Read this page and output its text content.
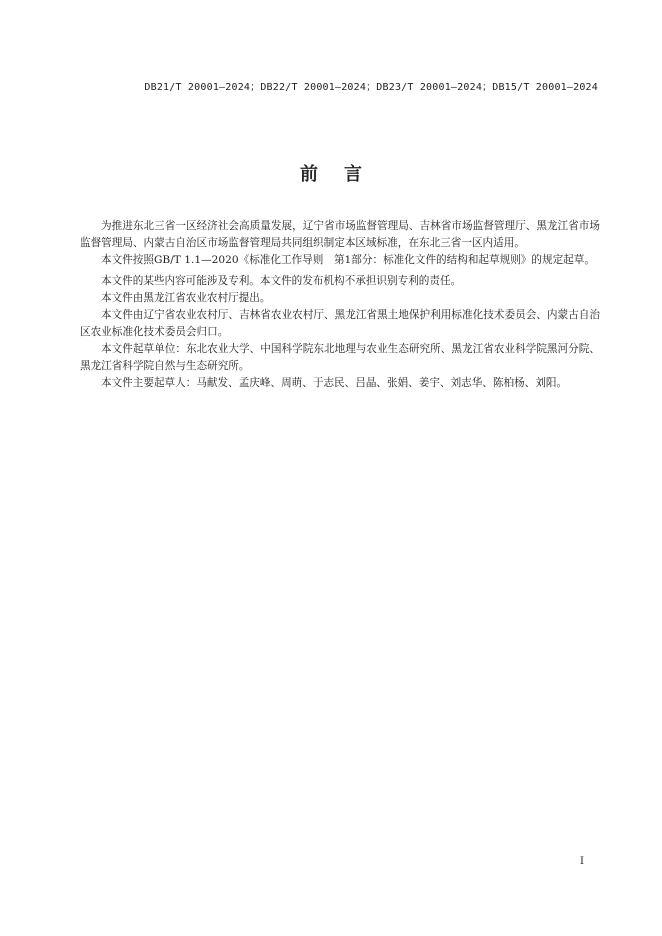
DB21/T 20001—2024；DB22/T 20001—2024；DB23/T 20001—2024；DB15/T 20001—2024
前言

为推进东北三省一区经济社会高质量发展，辽宁省市场监督管理局、吉林省市场监督管理厅、黑龙江省市场监督管理局、内蒙古自治区市场监督管理局共同组织制定本区域标准，在东北三省一区内适用。

本文件按照GB/T 1.1—2020《标准化工作导则　第1部分：标准化文件的结构和起草规则》的规定起草。

本文件的某些内容可能涉及专利。本文件的发布机构不承担识别专利的责任。

本文件由黑龙江省农业农村厅提出。

本文件由辽宁省农业农村厅、吉林省农业农村厅、黑龙江省黑土地保护利用标准化技术委员会、内蒙古自治区农业标准化技术委员会归口。

本文件起草单位：东北农业大学、中国科学院东北地理与农业生态研究所、黑龙江省农业科学院黑河分院、黑龙江省科学院自然与生态研究所。

本文件主要起草人：马献发、孟庆峰、周萌、于志民、吕晶、张娟、姜宇、刘志华、陈柏杨、刘阳。

I
